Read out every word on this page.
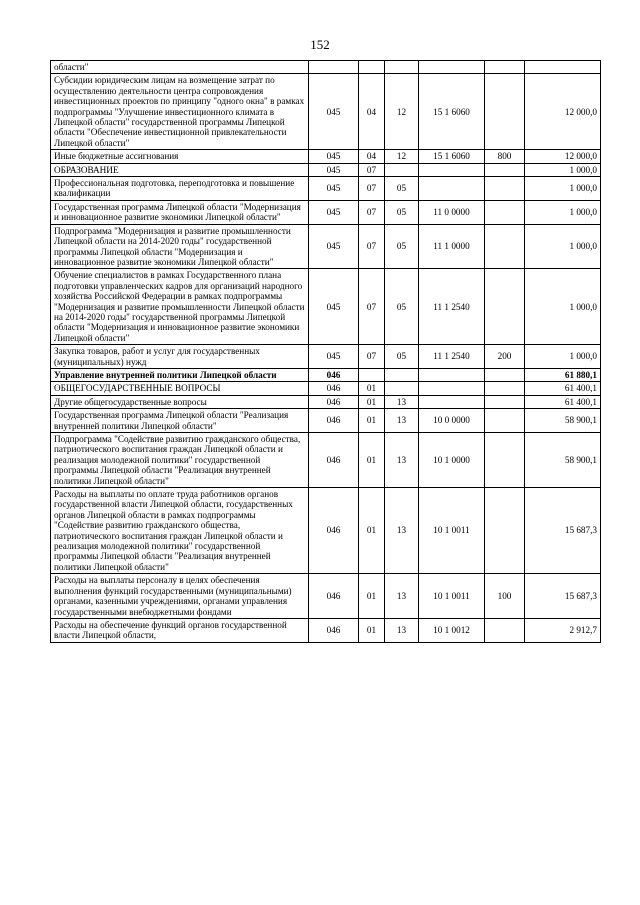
152
области"						
Субсидии юридическим лицам на возмещение затрат по осуществлению деятельности центра сопровождения инвестиционных проектов по принципу "одного окна" в рамках подпрограммы "Улучшение инвестиционного климата в Липецкой области" государственной программы Липецкой области "Обеспечение инвестиционной привлекательности Липецкой области"	045	04	12	15 1 6060		12 000,0
Иные бюджетные ассигнования	045	04	12	15 1 6060	800	12 000,0
ОБРАЗОВАНИЕ	045	07				1 000,0
Профессиональная подготовка, переподготовка и повышение квалификации	045	07	05			1 000,0
Государственная программа Липецкой области "Модернизация и инновационное развитие экономики Липецкой области"	045	07	05	11 0 0000		1 000,0
Подпрограмма "Модернизация и развитие промышленности Липецкой области на 2014-2020 годы" государственной программы Липецкой области "Модернизация и инновационное развитие экономики Липецкой области"	045	07	05	11 1 0000		1 000,0
Обучение специалистов в рамках Государственного плана подготовки управленческих кадров для организаций народного хозяйства Российской Федерации в рамках подпрограммы "Модернизация и развитие промышленности Липецкой области на 2014-2020 годы" государственной программы Липецкой области "Модернизация и инновационное развитие экономики Липецкой области"	045	07	05	11 1 2540		1 000,0
Закупка товаров, работ и услуг для государственных (муниципальных) нужд	045	07	05	11 1 2540	200	1 000,0
Управление внутренней политики Липецкой области	046					61 880,1
ОБЩЕГОСУДАРСТВЕННЫЕ ВОПРОСЫ	046	01				61 400,1
Другие общегосударственные вопросы	046	01	13			61 400,1
Государственная программа Липецкой области "Реализация внутренней политики Липецкой области"	046	01	13	10 0 0000		58 900,1
Подпрограмма "Содействие развитию гражданского общества, патриотического воспитания граждан Липецкой области и реализация молодежной политики" государственной программы Липецкой области "Реализация внутренней политики Липецкой области"	046	01	13	10 1 0000		58 900,1
Расходы на выплаты по оплате труда работников органов государственной власти Липецкой области, государственных органов Липецкой области в рамках подпрограммы "Содействие развитию гражданского общества, патриотического воспитания граждан Липецкой области и реализация молодежной политики" государственной программы Липецкой области "Реализация внутренней политики Липецкой области"	046	01	13	10 1 0011		15 687,3
Расходы на выплаты персоналу в целях обеспечения выполнения функций государственными (муниципальными) органами, казенными учреждениями, органами управления государственными внебюджетными фондами	046	01	13	10 1 0011	100	15 687,3
Расходы на обеспечение функций органов государственной власти Липецкой области,	046	01	13	10 1 0012		2 912,7
